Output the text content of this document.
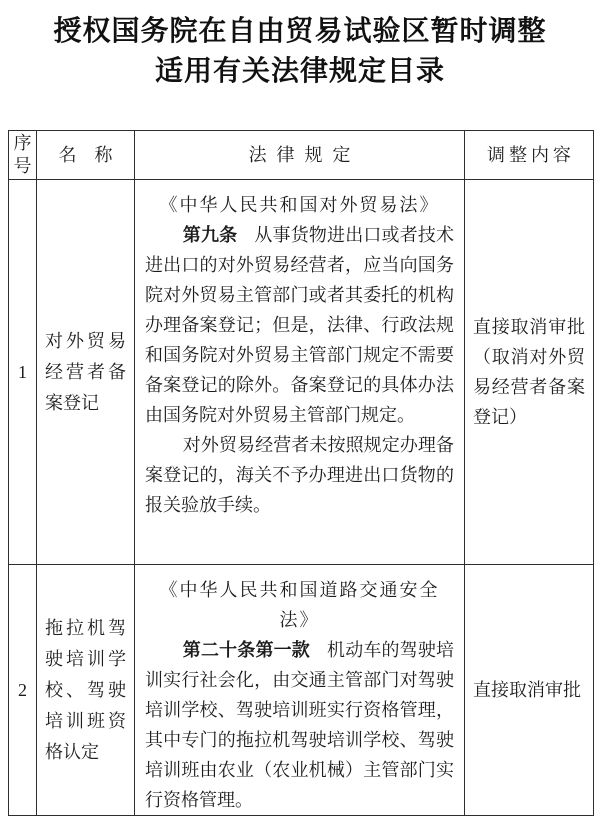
授权国务院在自由贸易试验区暂时调整
适用有关法律规定目录
序号	名称	法律规定	调整内容
1	对外贸易经营者备案登记	《中华人民共和国对外贸易法》

第九条 从事货物进出口或者技术进出口的对外贸易经营者，应当向国务院对外贸易主管部门或者其委托的机构办理备案登记；但是，法律、行政法规和国务院对外贸易主管部门规定不需要备案登记的除外。备案登记的具体办法由国务院对外贸易主管部门规定。

对外贸易经营者未按照规定办理备案登记的，海关不予办理进出口货物的报关验放手续。	直接取消审批（取消对外贸易经营者备案登记）
2	拖拉机驾驶培训学校、驾驶培训班资格认定	《中华人民共和国道路交通安全法》

第二十条第一款 机动车的驾驶培训实行社会化，由交通主管部门对驾驶培训学校、驾驶培训班实行资格管理，其中专门的拖拉机驾驶培训学校、驾驶培训班由农业（农业机械）主管部门实行资格管理。	直接取消审批
